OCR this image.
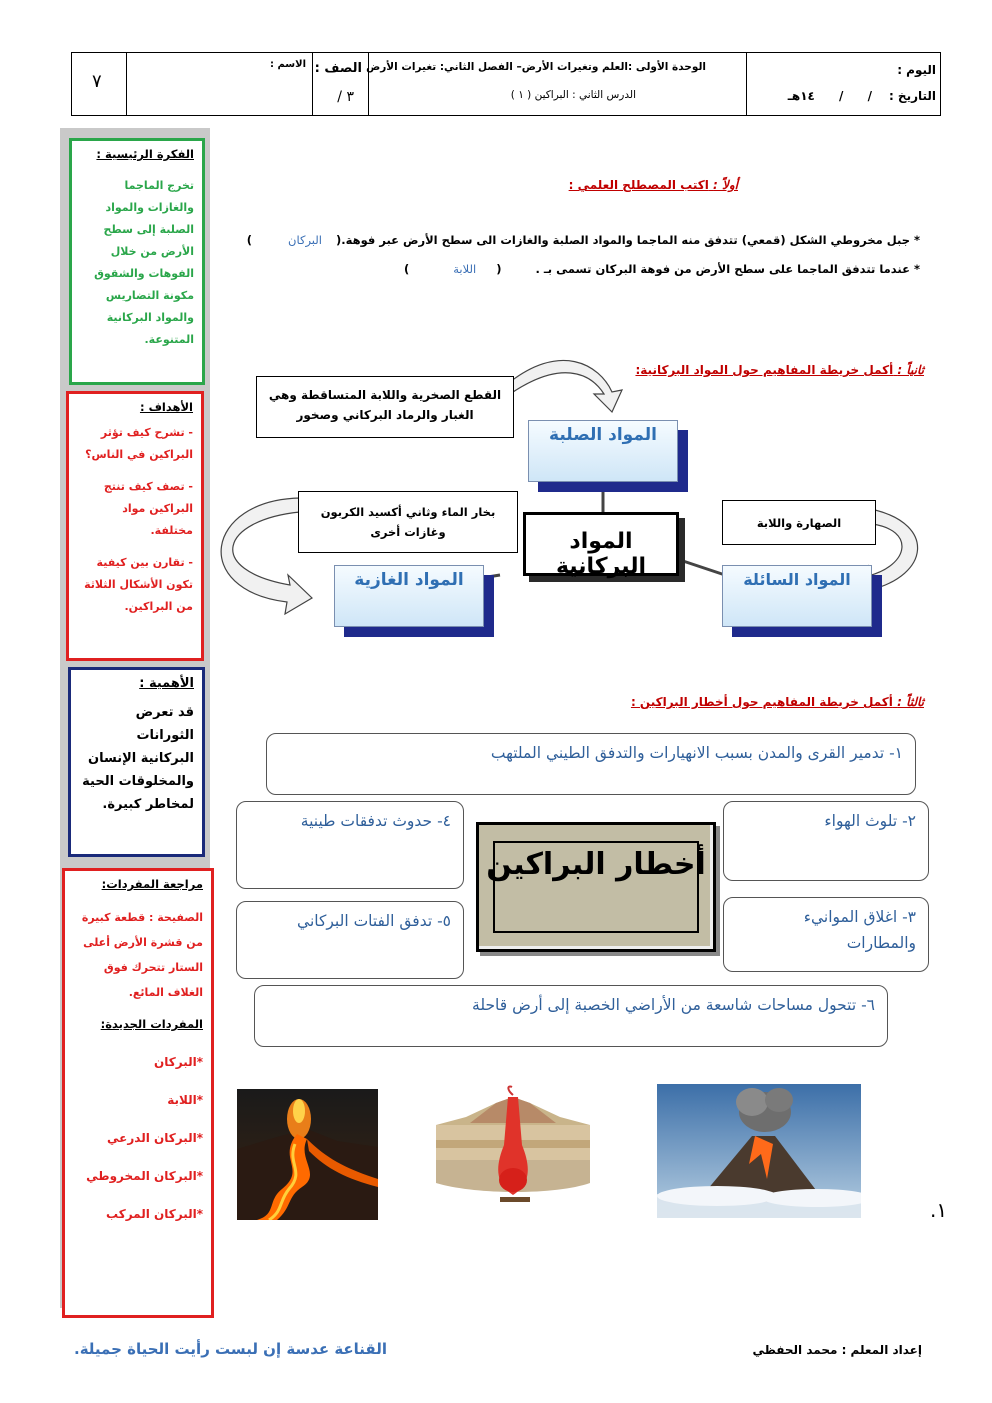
٧
الاسم : الصف :
٣ /
الوحدة الأولى :العلم وتغيرات الأرض– الفصل الثاني: تغيرات الأرض
الدرس الثاني : البراكين ( ١ )
اليوم :
التاريخ :
/ / ١٤هـ
الفكرة الرئيسية :
تخرج الماجما والغازات والمواد الصلبة إلى سطح الأرض من خلال الفوهات والشقوق مكونة التضاريس والمواد البركانية المتنوعة.
الأهداف :
- تشرح كيف تؤثر البراكين في الناس؟
- تصف كيف تنتج البراكين مواد مختلفة.
- تقارن بين كيفية تكون الأشكال الثلاثة من البراكين.
الأهمية :
قد تعرض الثورانات البركانية الإنسان والمخلوقات الحية لمخاطر كبيرة.
مراجعة المفردات:
الصفيحة : قطعة كبيرة من قشرة الأرض أعلى الستار تتحرك فوق الغلاف المائع.
المفردات الجديدة:
*البركان
*اللابة
*البركان الدرعي
*البركان المخروطي
*البركان المركب
أولاً : اكتب المصطلح العلمي :
* جبل مخروطي الشكل (قمعي) تتدفق منه الماجما والمواد الصلبة والغازات الى سطح الأرض عبر فوهة.( البركان )
* عندما تتدفق الماجما على سطح الأرض من فوهة البركان تسمى بـ . ( اللابة )
ثانياً : أكمل خريطة المفاهيم حول المواد البركانية:
القطع الصخرية واللابة المتساقطة وهي الغبار والرماد البركاني وصخور
بخار الماء وثاني أكسيد الكربون وغازات أخرى
الصهارة واللابة
المواد الصلبة
المواد الغازية	المواد السائلة
المواد البركانية
ثالثاً : أكمل خريطة المفاهيم حول أخطار البراكين :
١- تدمير القرى والمدن بسبب الانهيارات والتدفق الطيني الملتهب
٢- تلوث الهواء
٣- اغلاق الموانيء والمطارات
٤- حدوث تدفقات طينية
٥- تدفق الفتات البركاني
٦- تتحول مساحات شاسعة من الأراضي الخصبة إلى أرض قاحلة
أخطار البراكين
١.
القناعة عدسة إن لبست رأيت الحياة جميلة.	إعداد المعلم : محمد الحفظي
